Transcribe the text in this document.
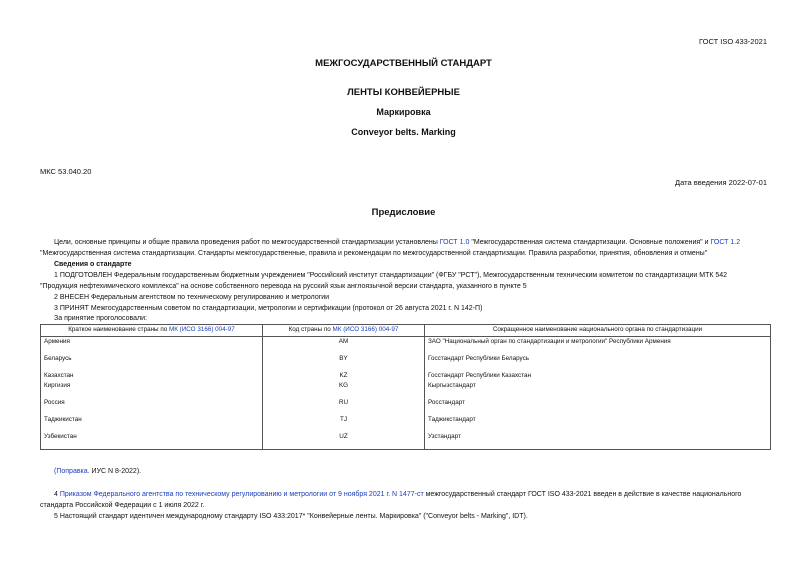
ГОСТ ISO 433-2021
МЕЖГОСУДАРСТВЕННЫЙ СТАНДАРТ
ЛЕНТЫ КОНВЕЙЕРНЫЕ
Маркировка
Conveyor belts. Marking
МКС 53.040.20
Дата введения 2022-07-01
Предисловие
Цели, основные принципы и общие правила проведения работ по межгосударственной стандартизации установлены ГОСТ 1.0 "Межгосударственная система стандартизации. Основные положения" и ГОСТ 1.2
"Межгосударственная система стандартизации. Стандарты межгосударственные, правила и рекомендации по межгосударственной стандартизации. Правила разработки, принятия, обновления и отмены"
Сведения о стандарте
1 ПОДГОТОВЛЕН Федеральным государственным бюджетным учреждением "Российский институт стандартизации" (ФГБУ "РСТ"), Межгосударственным техническим комитетом по стандартизации МТК 542
"Продукция нефтехимического комплекса" на основе собственного перевода на русский язык англоязычной версии стандарта, указанного в пункте 5
2 ВНЕСЕН Федеральным агентством по техническому регулированию и метрологии
3 ПРИНЯТ Межгосударственным советом по стандартизации, метрологии и сертификации (протокол от 26 августа 2021 г. N 142-П)
За принятие проголосовали:
Краткое наименование страны по МК (ИСО 3166) 004-97	Код страны по МК (ИСО 3166) 004-97	Сокращенное наименование национального органа по стандартизации
Армения	AM	ЗАО "Национальный орган по стандартизации и метрологии" Республики Армения
Беларусь	BY	Госстандарт Республики Беларусь
Казахстан	KZ	Госстандарт Республики Казахстан
Киргизия	KG	Кыргызстандарт
Россия	RU	Росстандарт
Таджикистан	TJ	Таджикстандарт
Узбекистан	UZ	Узстандарт
(Поправка. ИУС N 8-2022).
4 Приказом Федерального агентства по техническому регулированию и метрологии от 9 ноября 2021 г. N 1477-ст межгосударственный стандарт ГОСТ ISO 433-2021 введен в действие в качестве национального
стандарта Российской Федерации с 1 июля 2022 г.
5 Настоящий стандарт идентичен международному стандарту ISO 433:2017* "Конвейерные ленты. Маркировка" ("Conveyor belts - Marking", IDT).
